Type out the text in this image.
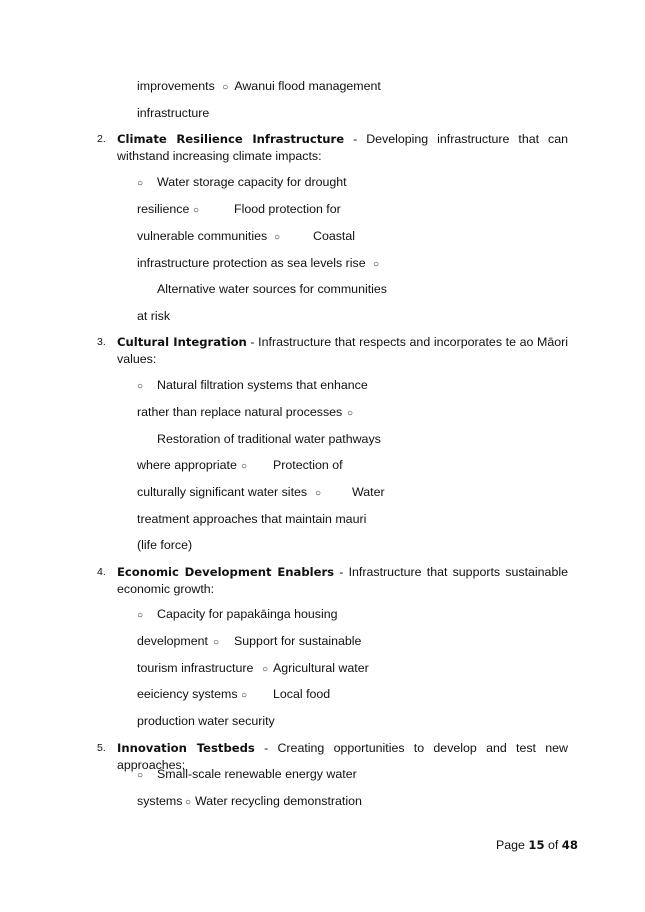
improvements ○ Awanui flood management
infrastructure
2. Climate Resilience Infrastructure - Developing infrastructure that can withstand increasing climate impacts:
○ Water storage capacity for drought
resilience ○	Flood protection for
vulnerable communities ○	Coastal
infrastructure protection as sea levels rise ○
Alternative water sources for communities
at risk
3. Cultural Integration - Infrastructure that respects and incorporates te ao Māori values:
○ Natural filtration systems that enhance
rather than replace natural processes ○
Restoration of traditional water pathways
where appropriate ○ Protection of
culturally significant water sites ○ Water
treatment approaches that maintain mauri
(life force)
4. Economic Development Enablers - Infrastructure that supports sustainable economic growth:
○ Capacity for papakāinga housing
development ○ Support for sustainable
tourism infrastructure ○ Agricultural water
eeiciency systems ○ Local food
production water security
5. Innovation Testbeds - Creating opportunities to develop and test new approaches:
○ Small-scale renewable energy water
systems ○ Water recycling demonstration
Page 15 of 48
